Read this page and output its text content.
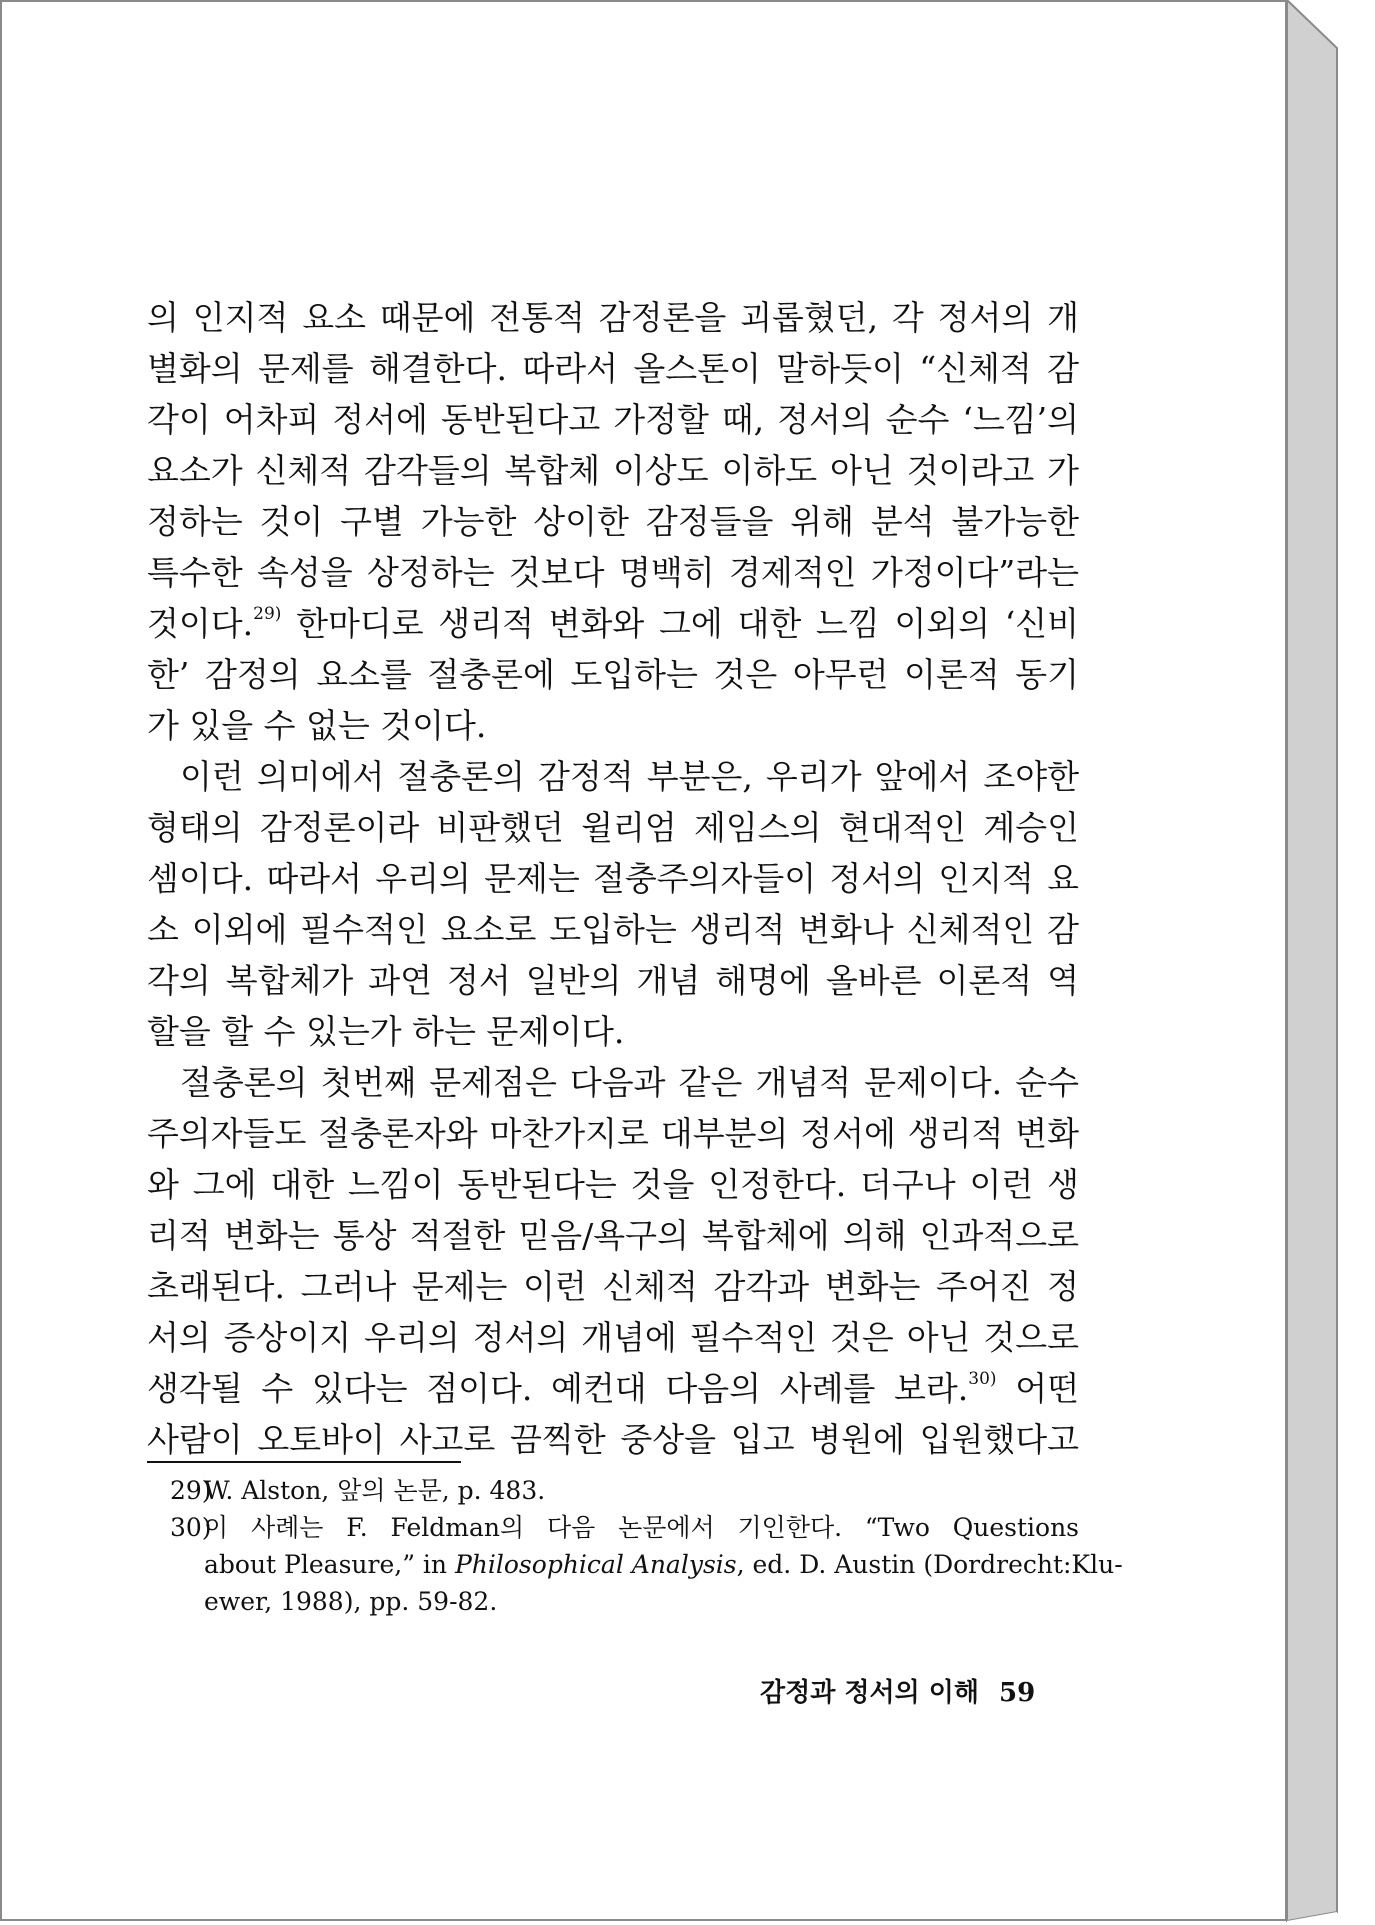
의 인지적 요소 때문에 전통적 감정론을 괴롭혔던, 각 정서의 개
별화의 문제를 해결한다. 따라서 올스톤이 말하듯이 “신체적 감
각이 어차피 정서에 동반된다고 가정할 때, 정서의 순수 ‘느낌’의
요소가 신체적 감각들의 복합체 이상도 이하도 아닌 것이라고 가
정하는 것이 구별 가능한 상이한 감정들을 위해 분석 불가능한
특수한 속성을 상정하는 것보다 명백히 경제적인 가정이다”라는
것이다.$^{29)}$ 한마디로 생리적 변화와 그에 대한 느낌 이외의 ‘신비
한’ 감정의 요소를 절충론에 도입하는 것은 아무런 이론적 동기
가 있을 수 없는 것이다.
이런 의미에서 절충론의 감정적 부분은, 우리가 앞에서 조야한
형태의 감정론이라 비판했던 윌리엄 제임스의 현대적인 계승인
셈이다. 따라서 우리의 문제는 절충주의자들이 정서의 인지적 요
소 이외에 필수적인 요소로 도입하는 생리적 변화나 신체적인 감
각의 복합체가 과연 정서 일반의 개념 해명에 올바른 이론적 역
할을 할 수 있는가 하는 문제이다.
절충론의 첫번째 문제점은 다음과 같은 개념적 문제이다. 순수
주의자들도 절충론자와 마찬가지로 대부분의 정서에 생리적 변화
와 그에 대한 느낌이 동반된다는 것을 인정한다. 더구나 이런 생
리적 변화는 통상 적절한 믿음/욕구의 복합체에 의해 인과적으로
초래된다. 그러나 문제는 이런 신체적 감각과 변화는 주어진 정
서의 증상이지 우리의 정서의 개념에 필수적인 것은 아닌 것으로
생각될 수 있다는 점이다. 예컨대 다음의 사례를 보라.$^{30)}$ 어떤
사람이 오토바이 사고로 끔찍한 중상을 입고 병원에 입원했다고
29)W. Alston, 앞의 논문, p. 483.
30)이 사례는 F. Feldman의 다음 논문에서 기인한다. “Two Questions
about Pleasure,” in Philosophical Analysis, ed. D. Austin (Dordrecht:Klu-
ewer, 1988), pp. 59-82.
감정과 정서의 이해 59
